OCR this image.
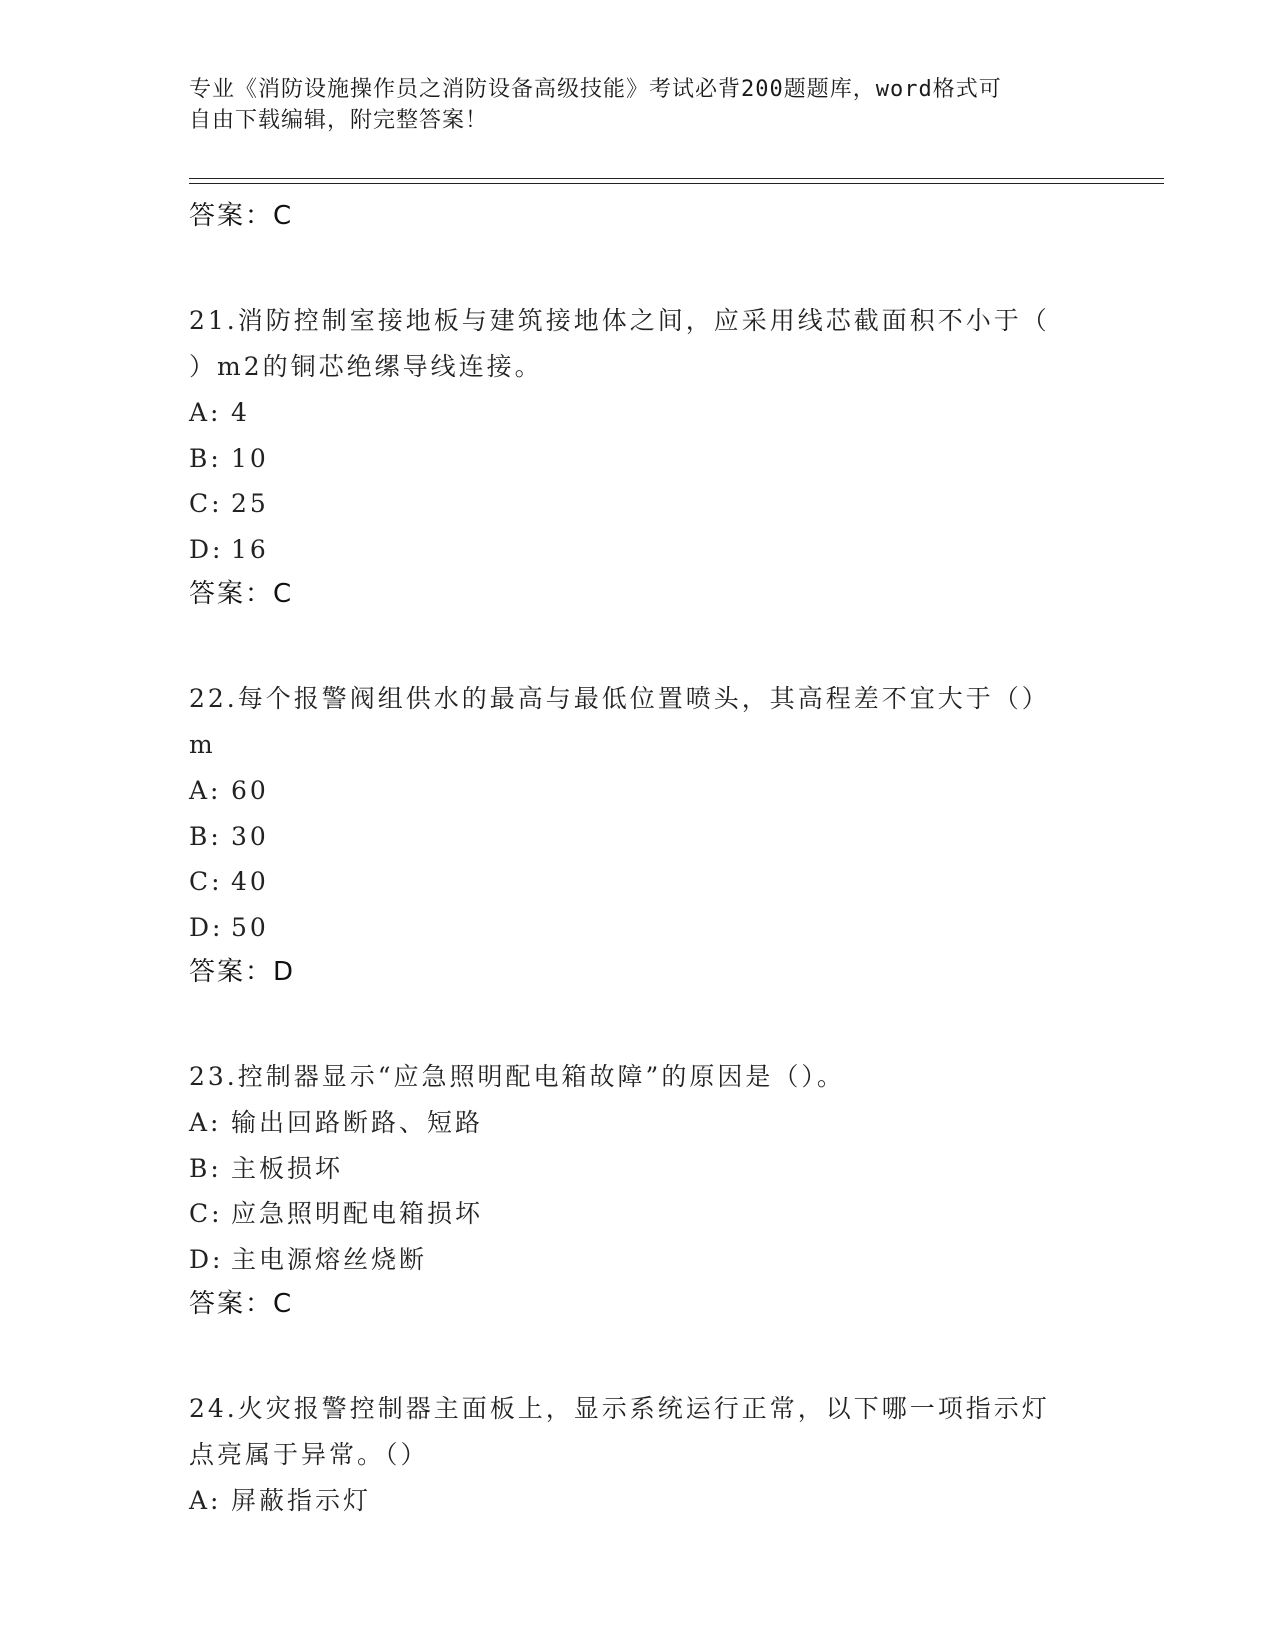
专业《消防设施操作员之消防设备高级技能》考试必背200题题库，word格式可
自由下载编辑，附完整答案！
答案：C
21.消防控制室接地板与建筑接地体之间，应采用线芯截面积不小于（
）m2的铜芯绝缧导线连接。
A: 4
B: 10
C: 25
D: 16
答案：C
22.每个报警阀组供水的最高与最低位置喷头，其高程差不宜大于（）
m
A: 60
B: 30
C: 40
D: 50
答案：D
23.控制器显示“应急照明配电箱故障”的原因是（）。
A: 输出回路断路、短路
B: 主板损坏
C: 应急照明配电箱损坏
D: 主电源熔丝烧断
答案：C
24.火灾报警控制器主面板上，显示系统运行正常，以下哪一项指示灯
点亮属于异常。（）
A: 屏蔽指示灯
